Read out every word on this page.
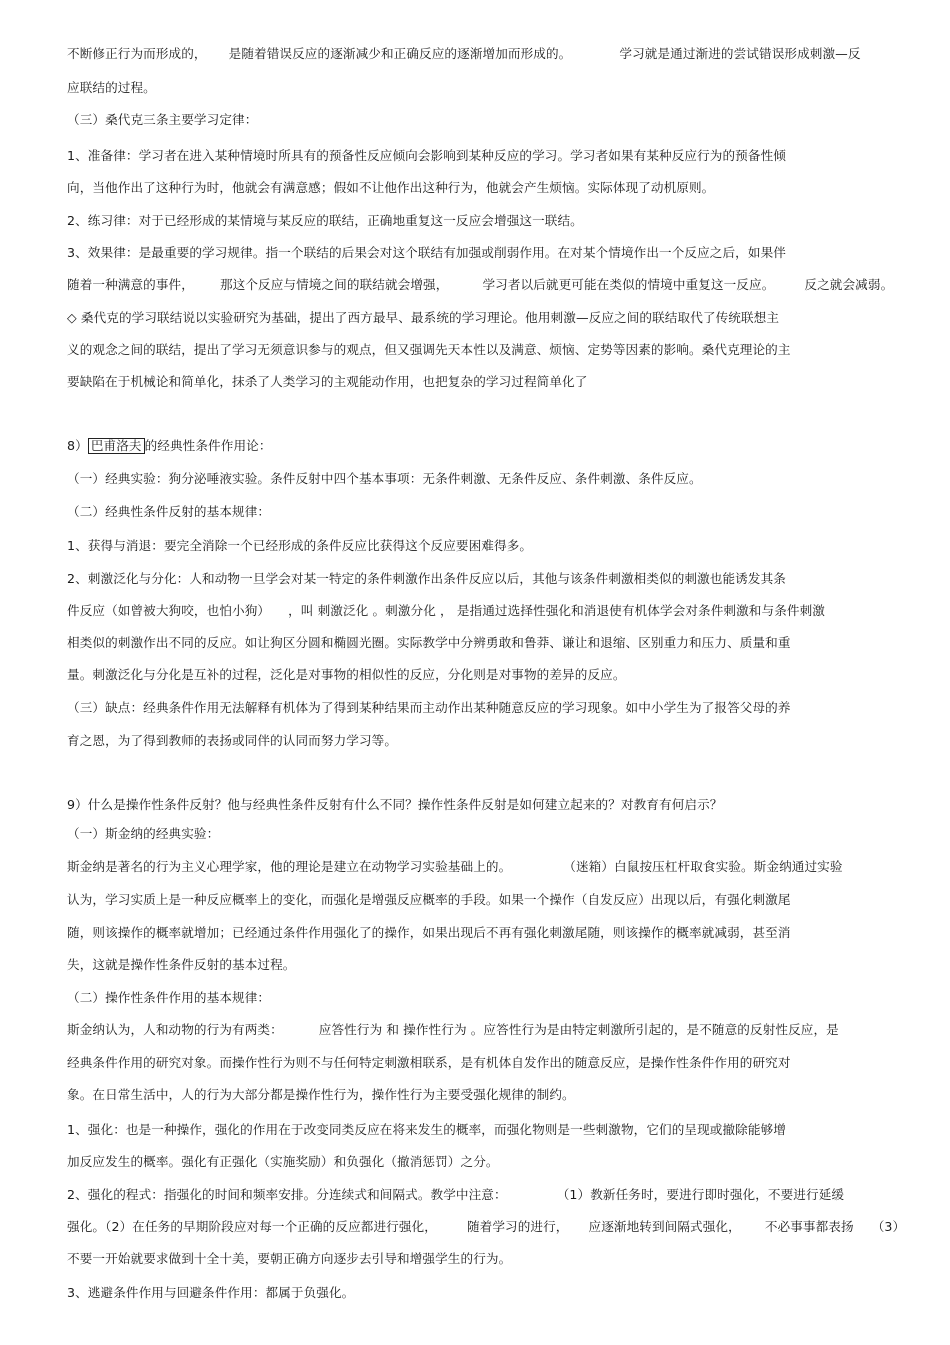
不断修正行为而形成的， 是随着错误反应的逐渐减少和正确反应的逐渐增加而形成的。	学习就是通过渐进的尝试错误形成刺激—反
应联结的过程。
（三）桑代克三条主要学习定律：
1、准备律：学习者在进入某种情境时所具有的预备性反应倾向会影响到某种反应的学习。学习者如果有某种反应行为的预备性倾
向，当他作出了这种行为时，他就会有满意感；假如不让他作出这种行为，他就会产生烦恼。实际体现了动机原则。
2、练习律：对于已经形成的某情境与某反应的联结，正确地重复这一反应会增强这一联结。
3、效果律：是最重要的学习规律。指一个联结的后果会对这个联结有加强或削弱作用。在对某个情境作出一个反应之后，如果伴
随着一种满意的事件， 那这个反应与情境之间的联结就会增强，	学习者以后就更可能在类似的情境中重复这一反应。 反之就会减弱。
◇ 桑代克的学习联结说以实验研究为基础，提出了西方最早、最系统的学习理论。他用刺激—反应之间的联结取代了传统联想主
义的观念之间的联结，提出了学习无须意识参与的观点，但又强调先天本性以及满意、烦恼、定势等因素的影响。桑代克理论的主
要缺陷在于机械论和简单化，抹杀了人类学习的主观能动作用，也把复杂的学习过程简单化了
8） 巴甫洛夫 的经典性条件作用论：
（一）经典实验：狗分泌唾液实验。条件反射中四个基本事项：无条件刺激、无条件反应、条件刺激、条件反应。
（二）经典性条件反射的基本规律：
1、获得与消退：要完全消除一个已经形成的条件反应比获得这个反应要困难得多。
2、刺激泛化与分化：人和动物一旦学会对某一特定的条件刺激作出条件反应以后，其他与该条件刺激相类似的刺激也能诱发其条
件反应（如曾被大狗咬，也怕小狗） ，叫 刺激泛化 。刺激分化 ， 是指通过选择性强化和消退使有机体学会对条件刺激和与条件刺激
相类似的刺激作出不同的反应。如让狗区分圆和椭圆光圈。实际教学中分辨勇敢和鲁莽、谦让和退缩、区别重力和压力、质量和重
量。刺激泛化与分化是互补的过程，泛化是对事物的相似性的反应，分化则是对事物的差异的反应。
（三）缺点：经典条件作用无法解释有机体为了得到某种结果而主动作出某种随意反应的学习现象。如中小学生为了报答父母的养
育之恩，为了得到教师的表扬或同伴的认同而努力学习等。
9）什么是操作性条件反射？他与经典性条件反射有什么不同？操作性条件反射是如何建立起来的？对教育有何启示？
（一）斯金纳的经典实验：
斯金纳是著名的行为主义心理学家，他的理论是建立在动物学习实验基础上的。	（迷箱）白鼠按压杠杆取食实验。斯金纳通过实验
认为，学习实质上是一种反应概率上的变化，而强化是增强反应概率的手段。如果一个操作（自发反应）出现以后，有强化刺激尾
随，则该操作的概率就增加；已经通过条件作用强化了的操作，如果出现后不再有强化刺激尾随，则该操作的概率就减弱，甚至消
失，这就是操作性条件反射的基本过程。
（二）操作性条件作用的基本规律：
斯金纳认为，人和动物的行为有两类：	应答性行为 和 操作性行为 。应答性行为是由特定刺激所引起的，是不随意的反射性反应，是
经典条件作用的研究对象。而操作性行为则不与任何特定刺激相联系，是有机体自发作出的随意反应，是操作性条件作用的研究对
象。在日常生活中，人的行为大部分都是操作性行为，操作性行为主要受强化规律的制约。
1、强化：也是一种操作，强化的作用在于改变同类反应在将来发生的概率，而强化物则是一些刺激物，它们的呈现或撤除能够增
加反应发生的概率。强化有正强化（实施奖励）和负强化（撤消惩罚）之分。
2、强化的程式：指强化的时间和频率安排。分连续式和间隔式。教学中注意：	（1）教新任务时，要进行即时强化，不要进行延缓
强化。（2）在任务的早期阶段应对每一个正确的反应都进行强化， 随着学习的进行， 应逐渐地转到间隔式强化， 不必事事都表扬 （3）
不要一开始就要求做到十全十美，要朝正确方向逐步去引导和增强学生的行为。
3、逃避条件作用与回避条件作用：都属于负强化。
